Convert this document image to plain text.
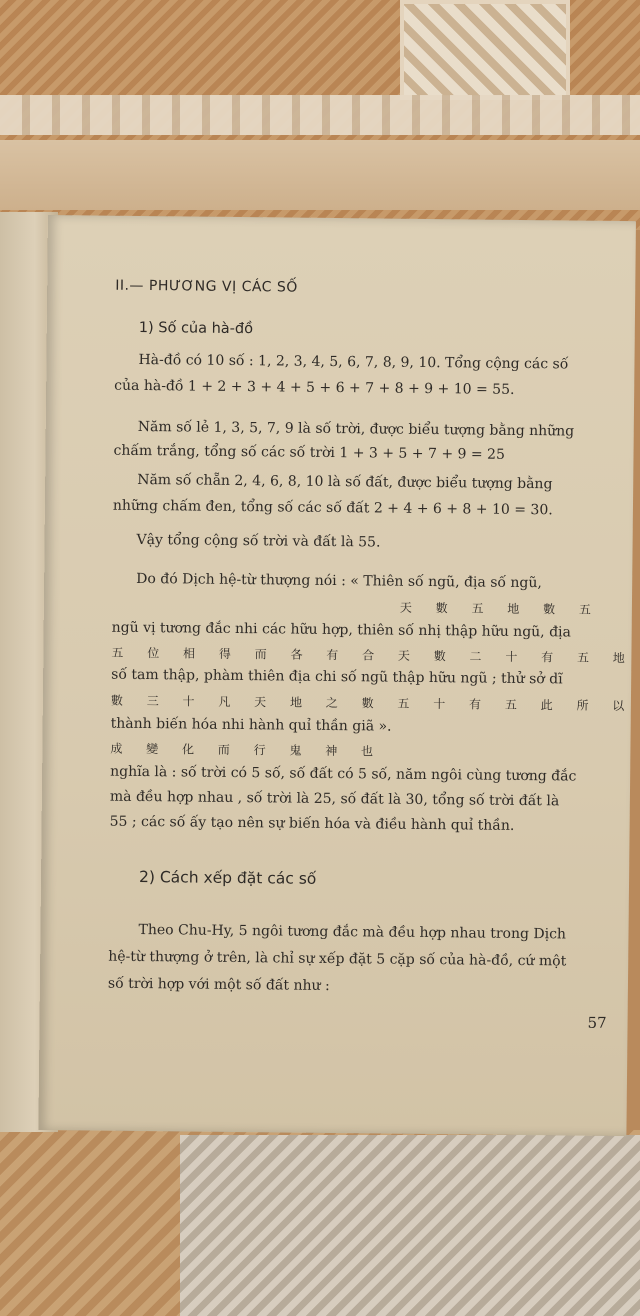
II.— PHƯƠNG VỊ CÁC SỐ
1) Số của hà-đồ
Hà-đồ có 10 số : 1, 2, 3, 4, 5, 6, 7, 8, 9, 10. Tổng cộng các số
của hà-đồ 1 + 2 + 3 + 4 + 5 + 6 + 7 + 8 + 9 + 10 = 55.
Năm số lẻ 1, 3, 5, 7, 9 là số trời, được biểu tượng bằng những
chấm trắng, tổng số các số trời 1 + 3 + 5 + 7 + 9 = 25
Năm số chẵn 2, 4, 6, 8, 10 là số đất, được biểu tượng bằng
những chấm đen, tổng số các số đất 2 + 4 + 6 + 8 + 10 = 30.
Vậy tổng cộng số trời và đất là 55.
Do đó Dịch hệ-từ thượng nói : « Thiên số ngũ, địa số ngũ,
天 數 五 地 數 五
ngũ vị tương đắc nhi các hữu hợp, thiên số nhị thập hữu ngũ, địa
五 位 相 得 而 各 有 合 天 數 二 十 有 五 地
số tam thập, phàm thiên địa chi số ngũ thập hữu ngũ ; thử sở dĩ
數 三 十 凡 天 地 之 數 五 十 有 五 此 所 以
thành biến hóa nhi hành quỉ thần giã ».
成 變 化 而 行 鬼 神 也
nghĩa là : số trời có 5 số, số đất có 5 số, năm ngôi cùng tương đắc
mà đều hợp nhau , số trời là 25, số đất là 30, tổng số trời đất là
55 ; các số ấy tạo nên sự biến hóa và điều hành quỉ thần.
2) Cách xếp đặt các số
Theo Chu-Hy, 5 ngôi tương đắc mà đều hợp nhau trong Dịch
hệ-từ thượng ở trên, là chỉ sự xếp đặt 5 cặp số của hà-đồ, cứ một
số trời hợp với một số đất như :
57
